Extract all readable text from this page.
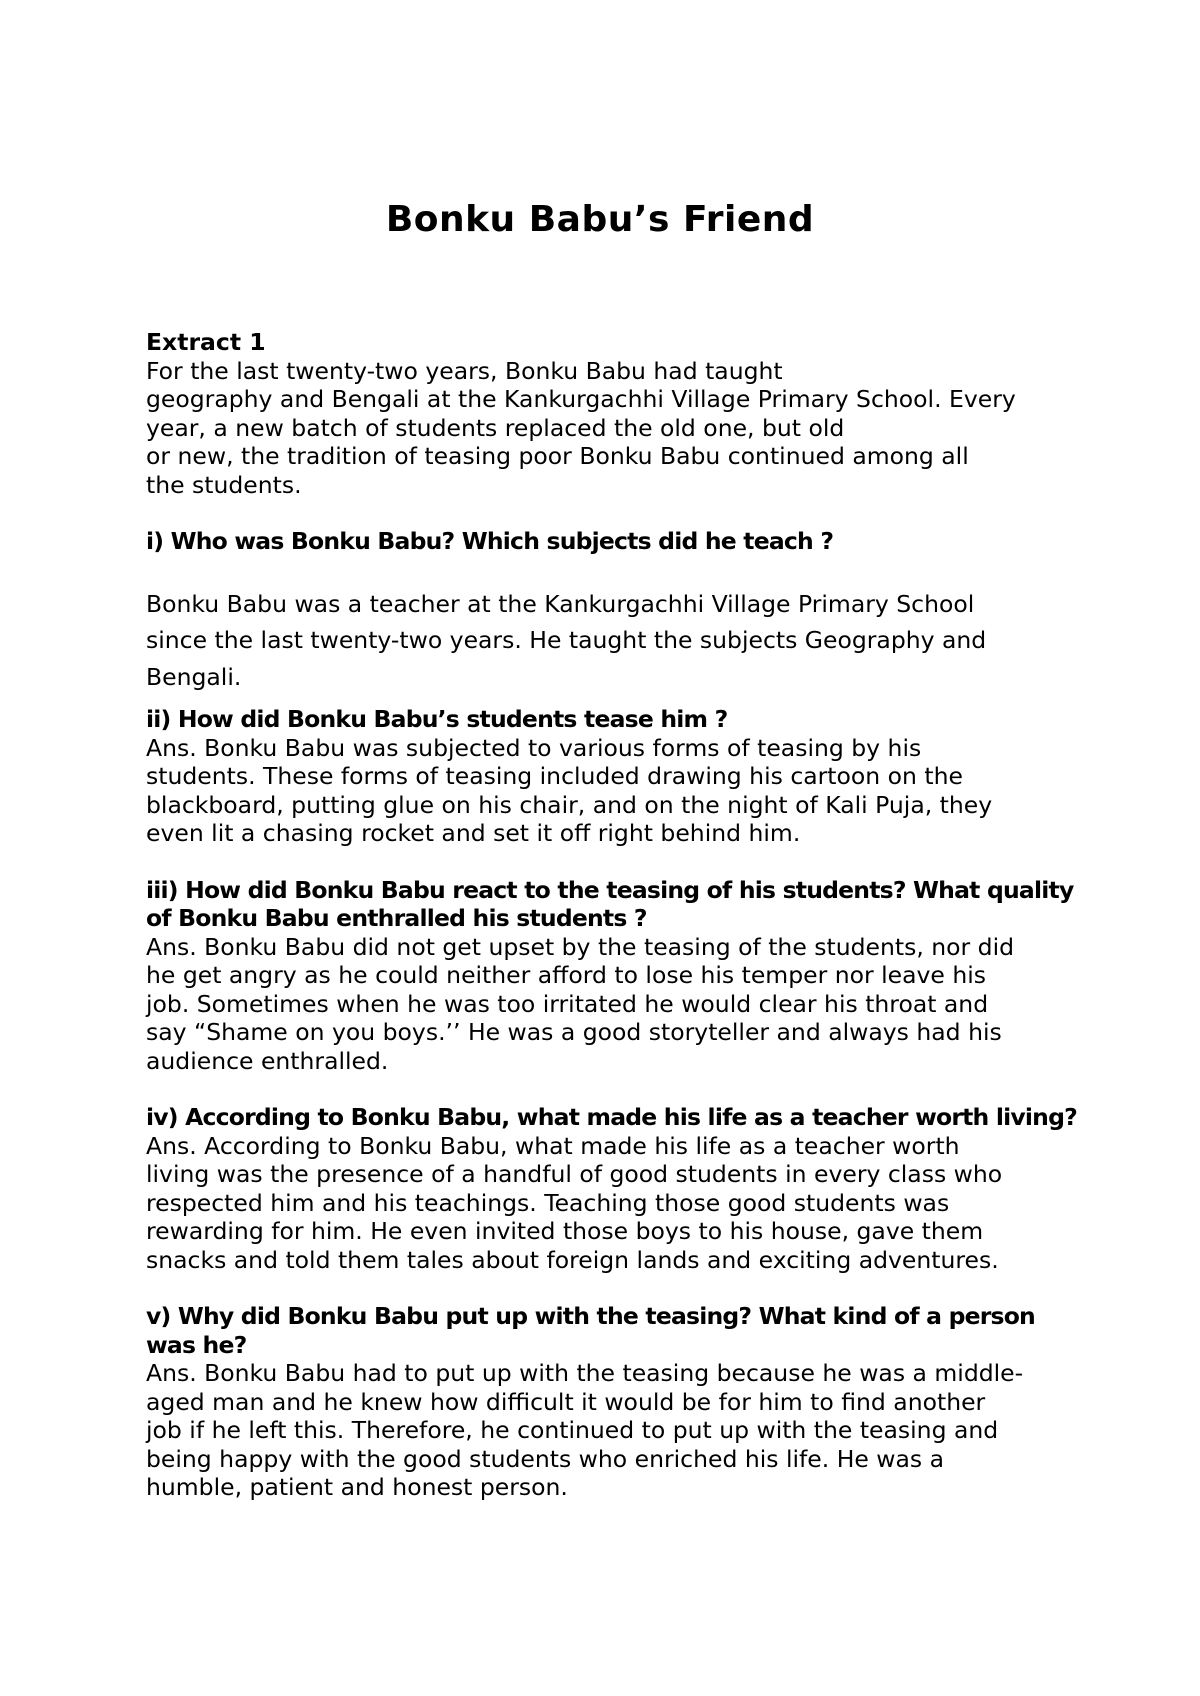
Bonku Babu’s Friend

Extract 1

For the last twenty-two years, Bonku Babu had taught

geography and Bengali at the Kankurgachhi Village Primary School. Every

year, a new batch of students replaced the old one, but old

or new, the tradition of teasing poor Bonku Babu continued among all

the students.

i) Who was Bonku Babu? Which subjects did he teach ?

Bonku Babu was a teacher at the Kankurgachhi Village Primary School

since the last twenty-two years. He taught the subjects Geography and

Bengali.

ii) How did Bonku Babu’s students tease him ?

Ans. Bonku Babu was subjected to various forms of teasing by his

students. These forms of teasing included drawing his cartoon on the

blackboard, putting glue on his chair, and on the night of Kali Puja, they

even lit a chasing rocket and set it off right behind him.

iii) How did Bonku Babu react to the teasing of his students? What quality

of Bonku Babu enthralled his students ?

Ans. Bonku Babu did not get upset by the teasing of the students, nor did

he get angry as he could neither afford to lose his temper nor leave his

job. Sometimes when he was too irritated he would clear his throat and

say “Shame on you boys.’’ He was a good storyteller and always had his

audience enthralled.

iv) According to Bonku Babu, what made his life as a teacher worth living?

Ans. According to Bonku Babu, what made his life as a teacher worth

living was the presence of a handful of good students in every class who

respected him and his teachings. Teaching those good students was

rewarding for him. He even invited those boys to his house, gave them

snacks and told them tales about foreign lands and exciting adventures.

v) Why did Bonku Babu put up with the teasing? What kind of a person

was he?

Ans. Bonku Babu had to put up with the teasing because he was a middle-

aged man and he knew how difficult it would be for him to find another

job if he left this. Therefore, he continued to put up with the teasing and

being happy with the good students who enriched his life. He was a

humble, patient and honest person.
